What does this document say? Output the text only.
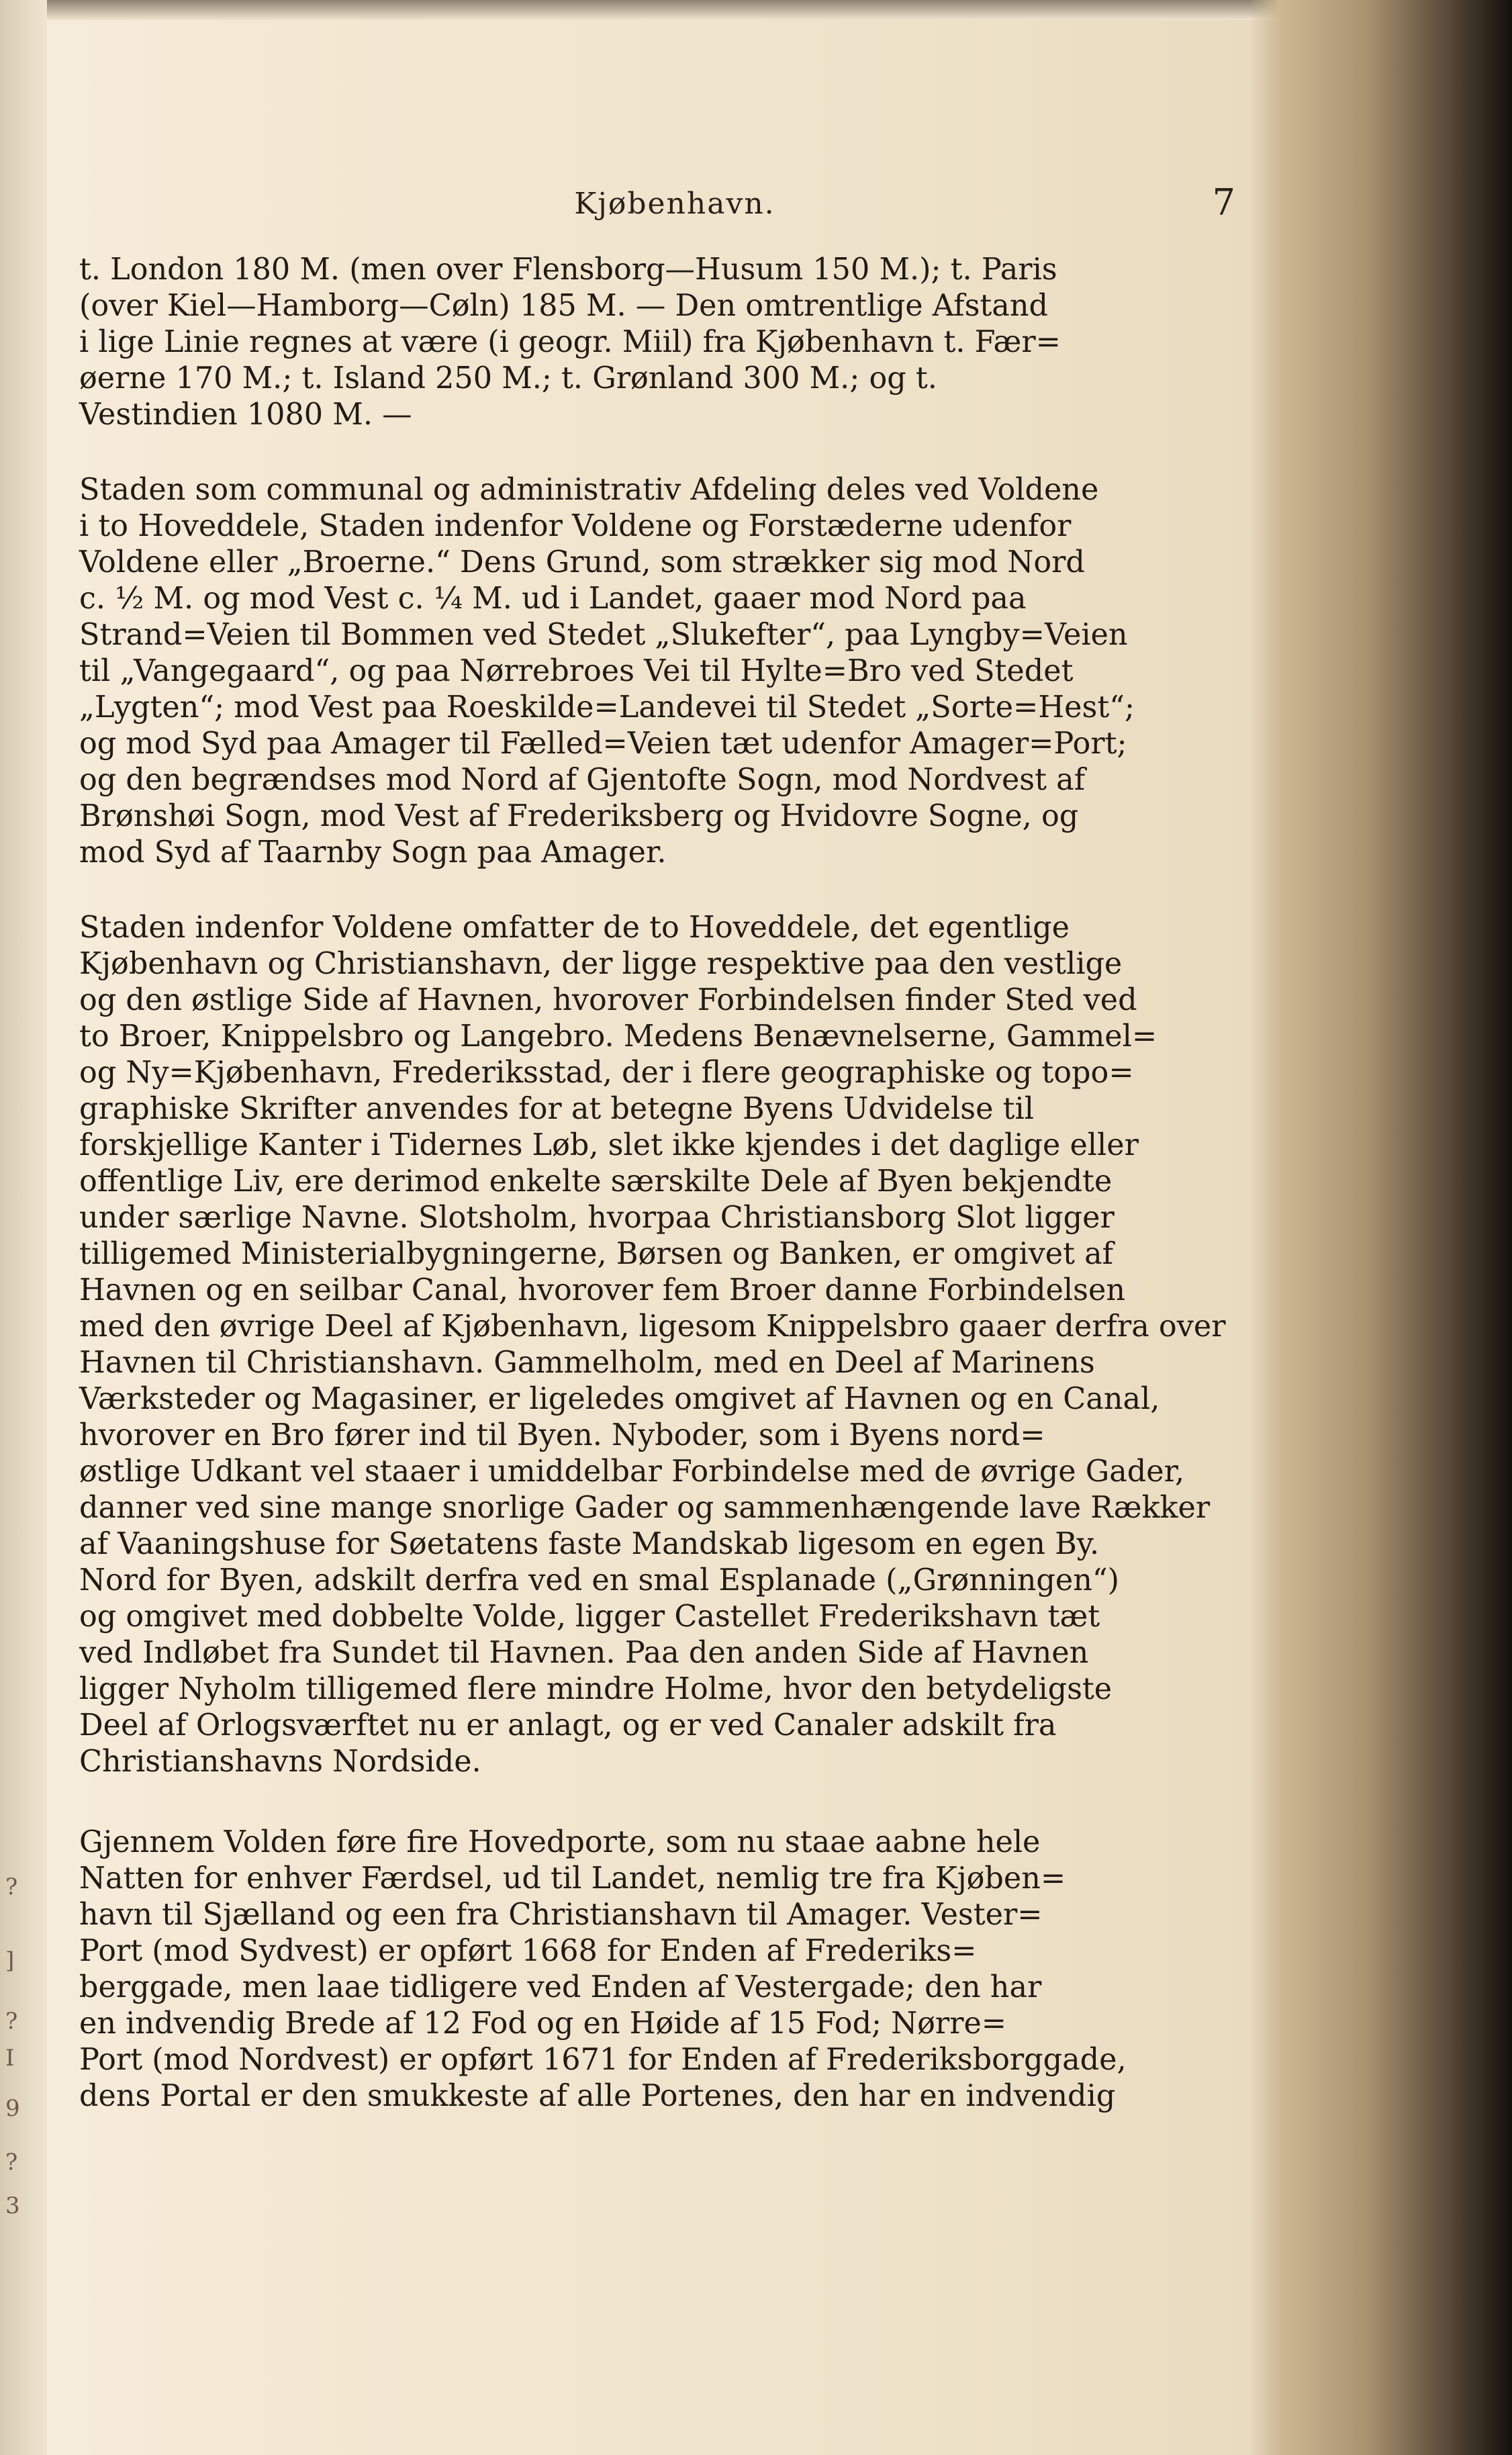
?
]
?
I
9
?
3
Kjøbenhavn.	7

t. London 180 M. (men over Flensborg—Husum 150 M.); t. Paris
(over Kiel—Hamborg—Cøln) 185 M. — Den omtrentlige Afstand
i lige Linie regnes at være (i geogr. Miil) fra Kjøbenhavn t. Fær=
øerne 170 M.; t. Island 250 M.; t. Grønland 300 M.; og t.
Vestindien 1080 M. —

Staden som communal og administrativ Afdeling deles ved Voldene
i to Hoveddele, Staden indenfor Voldene og Forstæderne udenfor
Voldene eller „Broerne.“ Dens Grund, som strækker sig mod Nord
c. ½ M. og mod Vest c. ¼ M. ud i Landet, gaaer mod Nord paa
Strand=Veien til Bommen ved Stedet „Slukefter“, paa Lyngby=Veien
til „Vangegaard“, og paa Nørrebroes Vei til Hylte=Bro ved Stedet
„Lygten“; mod Vest paa Roeskilde=Landevei til Stedet „Sorte=Hest“;
og mod Syd paa Amager til Fælled=Veien tæt udenfor Amager=Port;
og den begrændses mod Nord af Gjentofte Sogn, mod Nordvest af
Brønshøi Sogn, mod Vest af Frederiksberg og Hvidovre Sogne, og
mod Syd af Taarnby Sogn paa Amager.

Staden indenfor Voldene omfatter de to Hoveddele, det egentlige
Kjøbenhavn og Christianshavn, der ligge respektive paa den vestlige
og den østlige Side af Havnen, hvorover Forbindelsen finder Sted ved
to Broer, Knippelsbro og Langebro. Medens Benævnelserne, Gammel=
og Ny=Kjøbenhavn, Frederiksstad, der i flere geographiske og topo=
graphiske Skrifter anvendes for at betegne Byens Udvidelse til
forskjellige Kanter i Tidernes Løb, slet ikke kjendes i det daglige eller
offentlige Liv, ere derimod enkelte særskilte Dele af Byen bekjendte
under særlige Navne. Slotsholm, hvorpaa Christiansborg Slot ligger
tilligemed Ministerialbygningerne, Børsen og Banken, er omgivet af
Havnen og en seilbar Canal, hvorover fem Broer danne Forbindelsen
med den øvrige Deel af Kjøbenhavn, ligesom Knippelsbro gaaer derfra over
Havnen til Christianshavn. Gammelholm, med en Deel af Marinens
Værksteder og Magasiner, er ligeledes omgivet af Havnen og en Canal,
hvorover en Bro fører ind til Byen. Nyboder, som i Byens nord=
østlige Udkant vel staaer i umiddelbar Forbindelse med de øvrige Gader,
danner ved sine mange snorlige Gader og sammenhængende lave Rækker
af Vaaningshuse for Søetatens faste Mandskab ligesom en egen By.
Nord for Byen, adskilt derfra ved en smal Esplanade („Grønningen“)
og omgivet med dobbelte Volde, ligger Castellet Frederikshavn tæt
ved Indløbet fra Sundet til Havnen. Paa den anden Side af Havnen
ligger Nyholm tilligemed flere mindre Holme, hvor den betydeligste
Deel af Orlogsværftet nu er anlagt, og er ved Canaler adskilt fra
Christianshavns Nordside.

Gjennem Volden føre fire Hovedporte, som nu staae aabne hele
Natten for enhver Færdsel, ud til Landet, nemlig tre fra Kjøben=
havn til Sjælland og een fra Christianshavn til Amager. Vester=
Port (mod Sydvest) er opført 1668 for Enden af Frederiks=
berggade, men laae tidligere ved Enden af Vestergade; den har
en indvendig Brede af 12 Fod og en Høide af 15 Fod; Nørre=
Port (mod Nordvest) er opført 1671 for Enden af Frederiksborggade,
dens Portal er den smukkeste af alle Portenes, den har en indvendig
